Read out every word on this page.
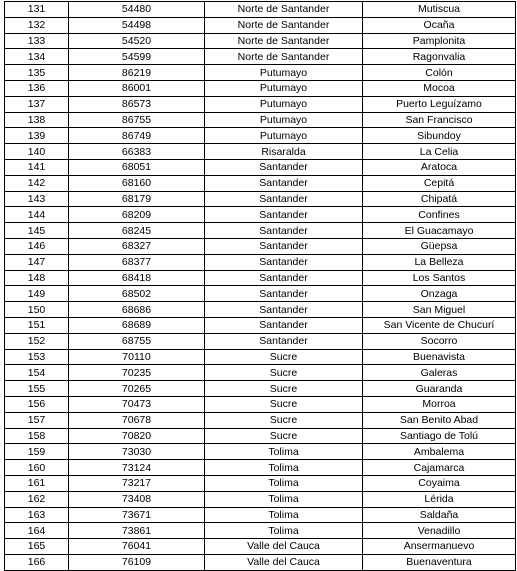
131	54480	Norte de Santander	Mutiscua
132	54498	Norte de Santander	Ocaña
133	54520	Norte de Santander	Pamplonita
134	54599	Norte de Santander	Ragonvalia
135	86219	Putumayo	Colón
136	86001	Putumayo	Mocoa
137	86573	Putumayo	Puerto Leguízamo
138	86755	Putumayo	San Francisco
139	86749	Putumayo	Sibundoy
140	66383	Risaralda	La Celia
141	68051	Santander	Aratoca
142	68160	Santander	Cepitá
143	68179	Santander	Chipatá
144	68209	Santander	Confines
145	68245	Santander	El Guacamayo
146	68327	Santander	Güepsa
147	68377	Santander	La Belleza
148	68418	Santander	Los Santos
149	68502	Santander	Onzaga
150	68686	Santander	San Miguel
151	68689	Santander	San Vicente de Chucurí
152	68755	Santander	Socorro
153	70110	Sucre	Buenavista
154	70235	Sucre	Galeras
155	70265	Sucre	Guaranda
156	70473	Sucre	Morroa
157	70678	Sucre	San Benito Abad
158	70820	Sucre	Santiago de Tolú
159	73030	Tolima	Ambalema
160	73124	Tolima	Cajamarca
161	73217	Tolima	Coyaima
162	73408	Tolima	Lérida
163	73671	Tolima	Saldaña
164	73861	Tolima	Venadillo
165	76041	Valle del Cauca	Ansermanuevo
166	76109	Valle del Cauca	Buenaventura
